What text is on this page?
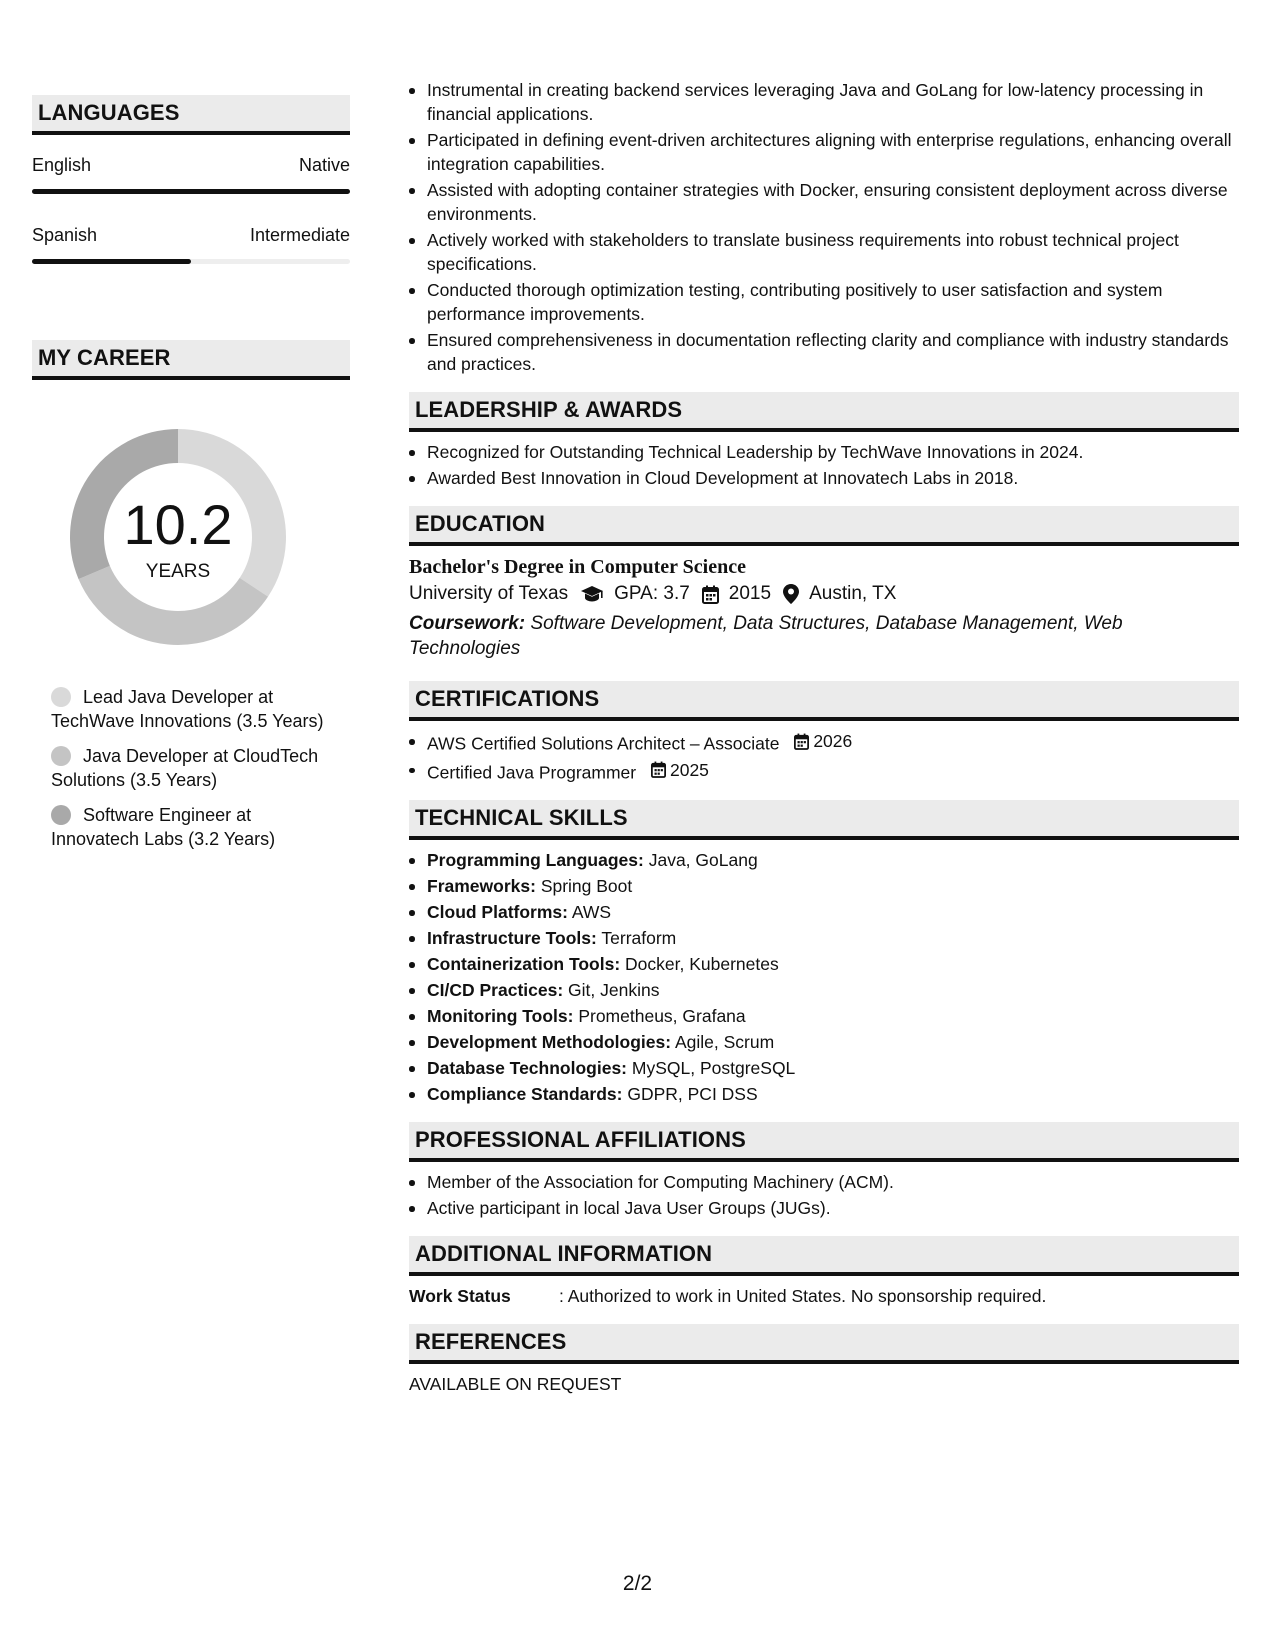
LANGUAGES
English	Native
Spanish	Intermediate
MY CAREER
10.2
YEARS
Lead Java Developer at TechWave Innovations (3.5 Years)
Java Developer at CloudTech Solutions (3.5 Years)
Software Engineer at Innovatech Labs (3.2 Years)
Instrumental in creating backend services leveraging Java and GoLang for low-latency processing in financial applications.
Participated in defining event-driven architectures aligning with enterprise regulations, enhancing overall integration capabilities.
Assisted with adopting container strategies with Docker, ensuring consistent deployment across diverse environments.
Actively worked with stakeholders to translate business requirements into robust technical project specifications.
Conducted thorough optimization testing, contributing positively to user satisfaction and system performance improvements.
Ensured comprehensiveness in documentation reflecting clarity and compliance with industry standards and practices.
LEADERSHIP & AWARDS
Recognized for Outstanding Technical Leadership by TechWave Innovations in 2024.
Awarded Best Innovation in Cloud Development at Innovatech Labs in 2018.
EDUCATION
Bachelor's Degree in Computer Science
University of Texas GPA: 3.7 2015 Austin, TX
Coursework: Software Development, Data Structures, Database Management, Web Technologies
CERTIFICATIONS
AWS Certified Solutions Architect – Associate 2026
Certified Java Programmer 2025
TECHNICAL SKILLS
Programming Languages: Java, GoLang
Frameworks: Spring Boot
Cloud Platforms: AWS
Infrastructure Tools: Terraform
Containerization Tools: Docker, Kubernetes
CI/CD Practices: Git, Jenkins
Monitoring Tools: Prometheus, Grafana
Development Methodologies: Agile, Scrum
Database Technologies: MySQL, PostgreSQL
Compliance Standards: GDPR, PCI DSS
PROFESSIONAL AFFILIATIONS
Member of the Association for Computing Machinery (ACM).
Active participant in local Java User Groups (JUGs).
ADDITIONAL INFORMATION
Work Status	: Authorized to work in United States. No sponsorship required.
REFERENCES
AVAILABLE ON REQUEST
2/2
